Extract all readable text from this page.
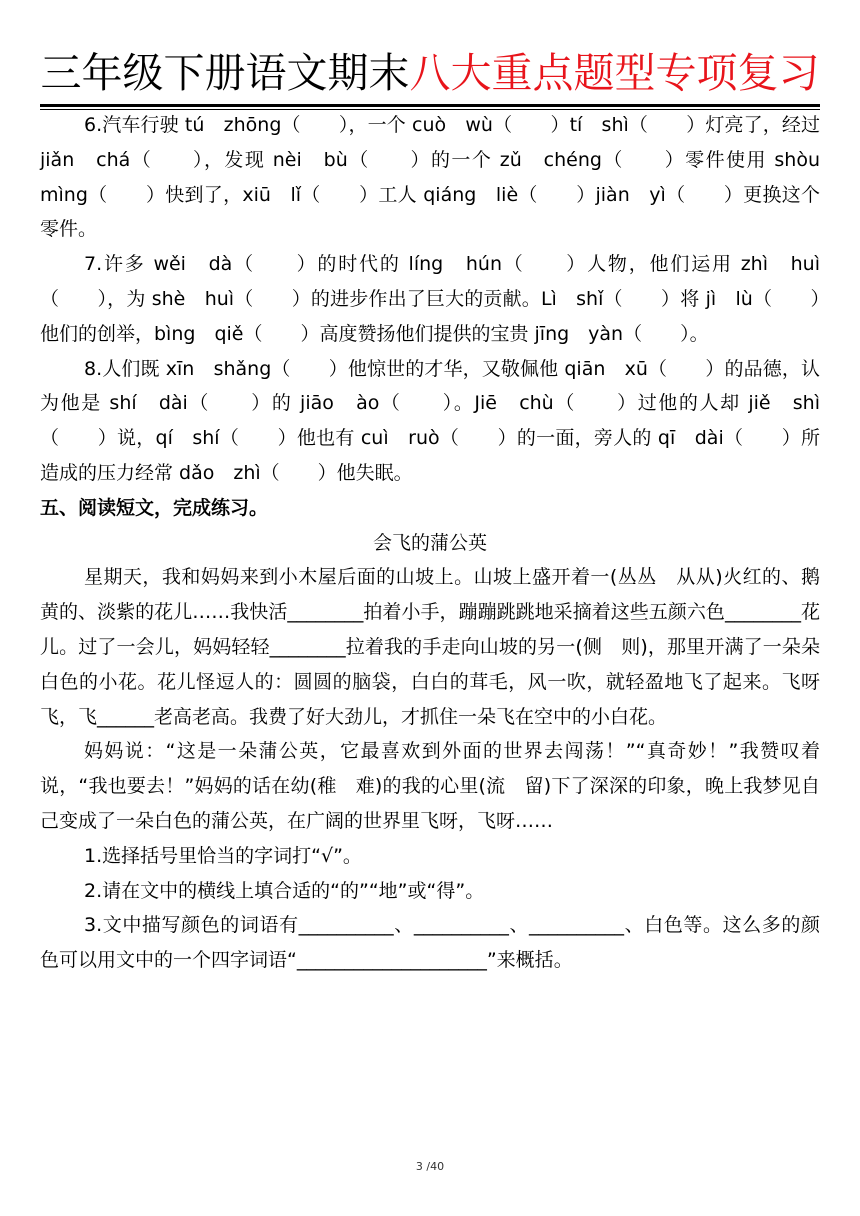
三年级下册语文期末八大重点题型专项复习

6.汽车行驶 tú　zhōng（　　），一个 cuò　wù（　　）tí　shì（　　）灯亮了，经过 jiǎn　chá（　　），发现 nèi　bù（　　）的一个 zǔ　chéng（　　）零件使用 shòu　mìng（　　）快到了，xiū　lǐ（　　）工人 qiáng　liè（　　）jiàn　yì（　　）更换这个零件。

7.许多 wěi　dà（　　）的时代的 líng　hún（　　）人物，他们运用 zhì　huì（　　），为 shè　huì（　　）的进步作出了巨大的贡献。Lì　shǐ（　　）将 jì　lù（　　）他们的创举，bìng　qiě（　　）高度赞扬他们提供的宝贵 jīng　yàn（　　）。

8.人们既 xīn　shǎng（　　）他惊世的才华，又敬佩他 qiān　xū（　　）的品德，认为他是 shí　dài（　　）的 jiāo　ào（　　）。Jiē　chù（　　）过他的人却 jiě　shì（　　）说，qí　shí（　　）他也有 cuì　ruò（　　）的一面，旁人的 qī　dài（　　）所造成的压力经常 dǎo　zhì（　　）他失眠。

五、阅读短文，完成练习。

会飞的蒲公英

星期天，我和妈妈来到小木屋后面的山坡上。山坡上盛开着一(丛丛　从从)火红的、鹅黄的、淡紫的花儿……我快活________拍着小手，蹦蹦跳跳地采摘着这些五颜六色________花儿。过了一会儿，妈妈轻轻________拉着我的手走向山坡的另一(侧　则)，那里开满了一朵朵白色的小花。花儿怪逗人的：圆圆的脑袋，白白的茸毛，风一吹，就轻盈地飞了起来。飞呀飞，飞______老高老高。我费了好大劲儿，才抓住一朵飞在空中的小白花。

妈妈说：“这是一朵蒲公英，它最喜欢到外面的世界去闯荡！”“真奇妙！”我赞叹着说，“我也要去！”妈妈的话在幼(稚　难)的我的心里(流　留)下了深深的印象，晚上我梦见自己变成了一朵白色的蒲公英，在广阔的世界里飞呀，飞呀……

1.选择括号里恰当的字词打“√”。

2.请在文中的横线上填合适的“的”“地”或“得”。

3.文中描写颜色的词语有__________、__________、__________、白色等。这么多的颜色可以用文中的一个四字词语“____________________”来概括。

3 /40
